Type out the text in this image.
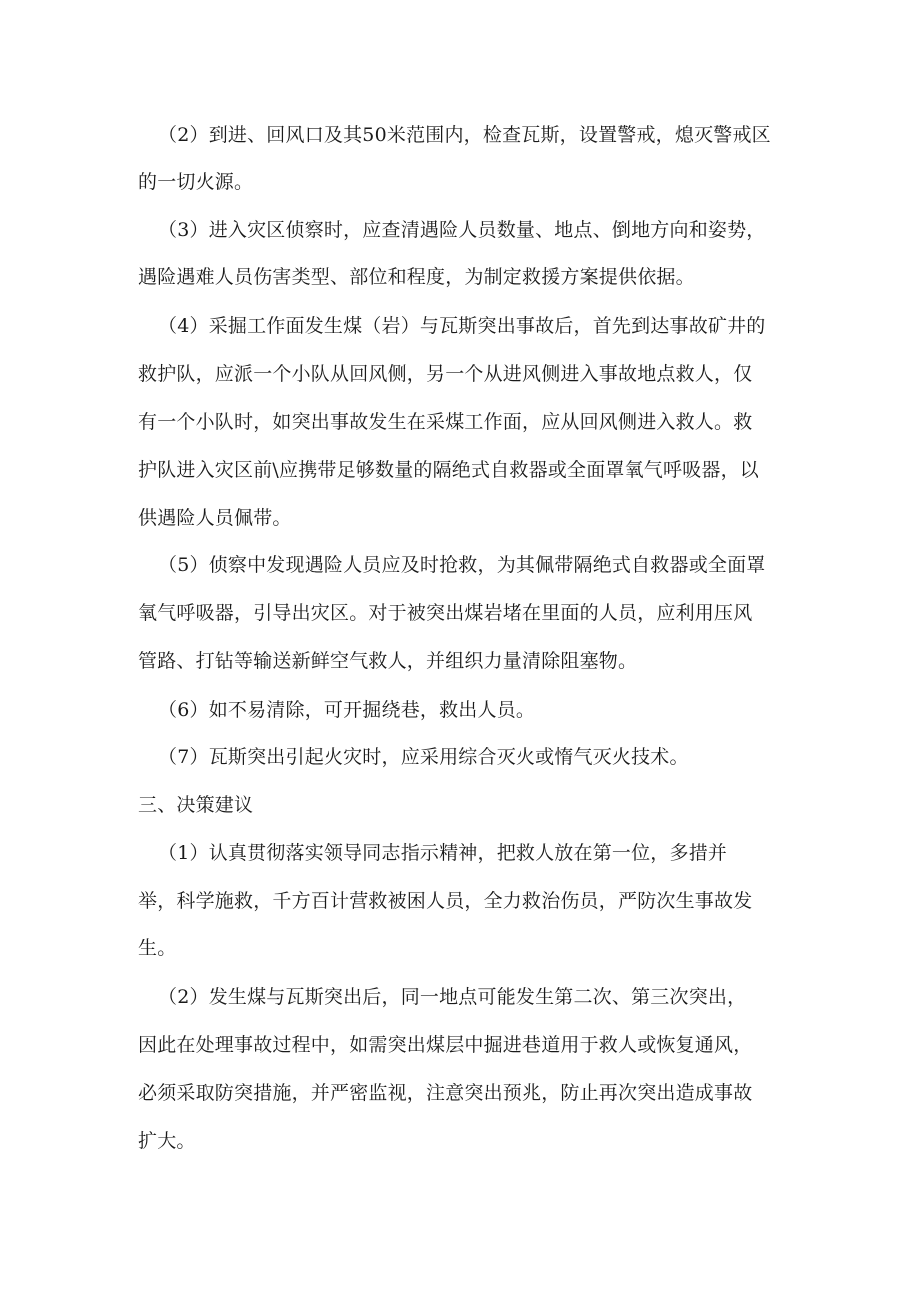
（2）到进、回风口及其50米范围内，检查瓦斯，设置警戒，熄灭警戒区
的一切火源。
（3）进入灾区侦察时，应查清遇险人员数量、地点、倒地方向和姿势，
遇险遇难人员伤害类型、部位和程度，为制定救援方案提供依据。
（4）采掘工作面发生煤（岩）与瓦斯突出事故后，首先到达事故矿井的
救护队，应派一个小队从回风侧，另一个从进风侧进入事故地点救人，仅
有一个小队时，如突出事故发生在采煤工作面，应从回风侧进入救人。救
护队进入灾区前\应携带足够数量的隔绝式自救器或全面罩氧气呼吸器，以
供遇险人员佩带。
（5）侦察中发现遇险人员应及时抢救，为其佩带隔绝式自救器或全面罩
氧气呼吸器，引导出灾区。对于被突出煤岩堵在里面的人员，应利用压风
管路、打钻等输送新鲜空气救人，并组织力量清除阻塞物。
（6）如不易清除，可开掘绕巷，救出人员。
（7）瓦斯突出引起火灾时，应采用综合灭火或惰气灭火技术。
三、决策建议
（1）认真贯彻落实领导同志指示精神，把救人放在第一位，多措并
举，科学施救，千方百计营救被困人员，全力救治伤员，严防次生事故发
生。
（2）发生煤与瓦斯突出后，同一地点可能发生第二次、第三次突出，
因此在处理事故过程中，如需突出煤层中掘进巷道用于救人或恢复通风，
必须采取防突措施，并严密监视，注意突出预兆，防止再次突出造成事故
扩大。
